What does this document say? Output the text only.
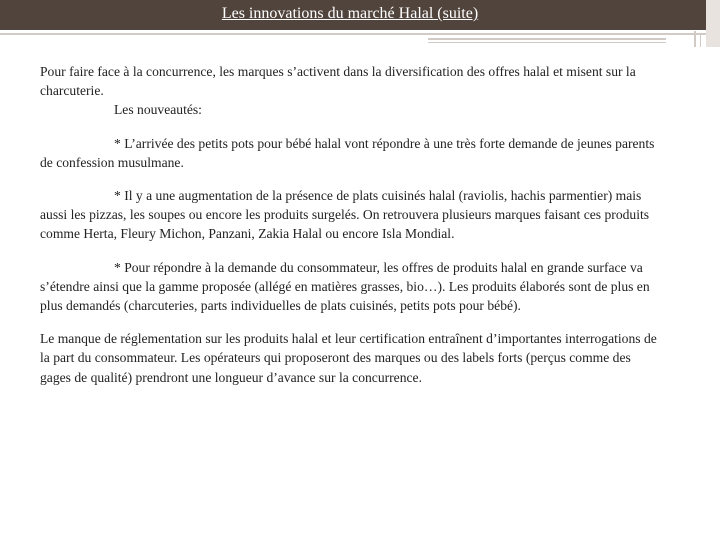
Les innovations du marché Halal (suite)

Pour faire face à la concurrence, les marques s’activent dans la diversification des offres halal et misent sur la charcuterie.

Les nouveautés:

* L’arrivée des petits pots pour bébé halal vont répondre à une très forte demande de jeunes parents de confession musulmane.

* Il y a une augmentation de la présence de plats cuisinés halal (raviolis, hachis parmentier) mais aussi les pizzas, les soupes ou encore les produits surgelés. On retrouvera plusieurs marques faisant ces produits comme Herta, Fleury Michon, Panzani, Zakia Halal ou encore Isla Mondial.

* Pour répondre à la demande du consommateur, les offres de produits halal en grande surface va s’étendre ainsi que la gamme proposée (allégé en matières grasses, bio…). Les produits élaborés sont de plus en plus demandés (charcuteries, parts individuelles de plats cuisinés, petits pots pour bébé).

Le manque de réglementation sur les produits halal et leur certification entraînent d’importantes interrogations de la part du consommateur. Les opérateurs qui proposeront des marques ou des labels forts (perçus comme des gages de qualité) prendront une longueur d’avance sur la concurrence.
